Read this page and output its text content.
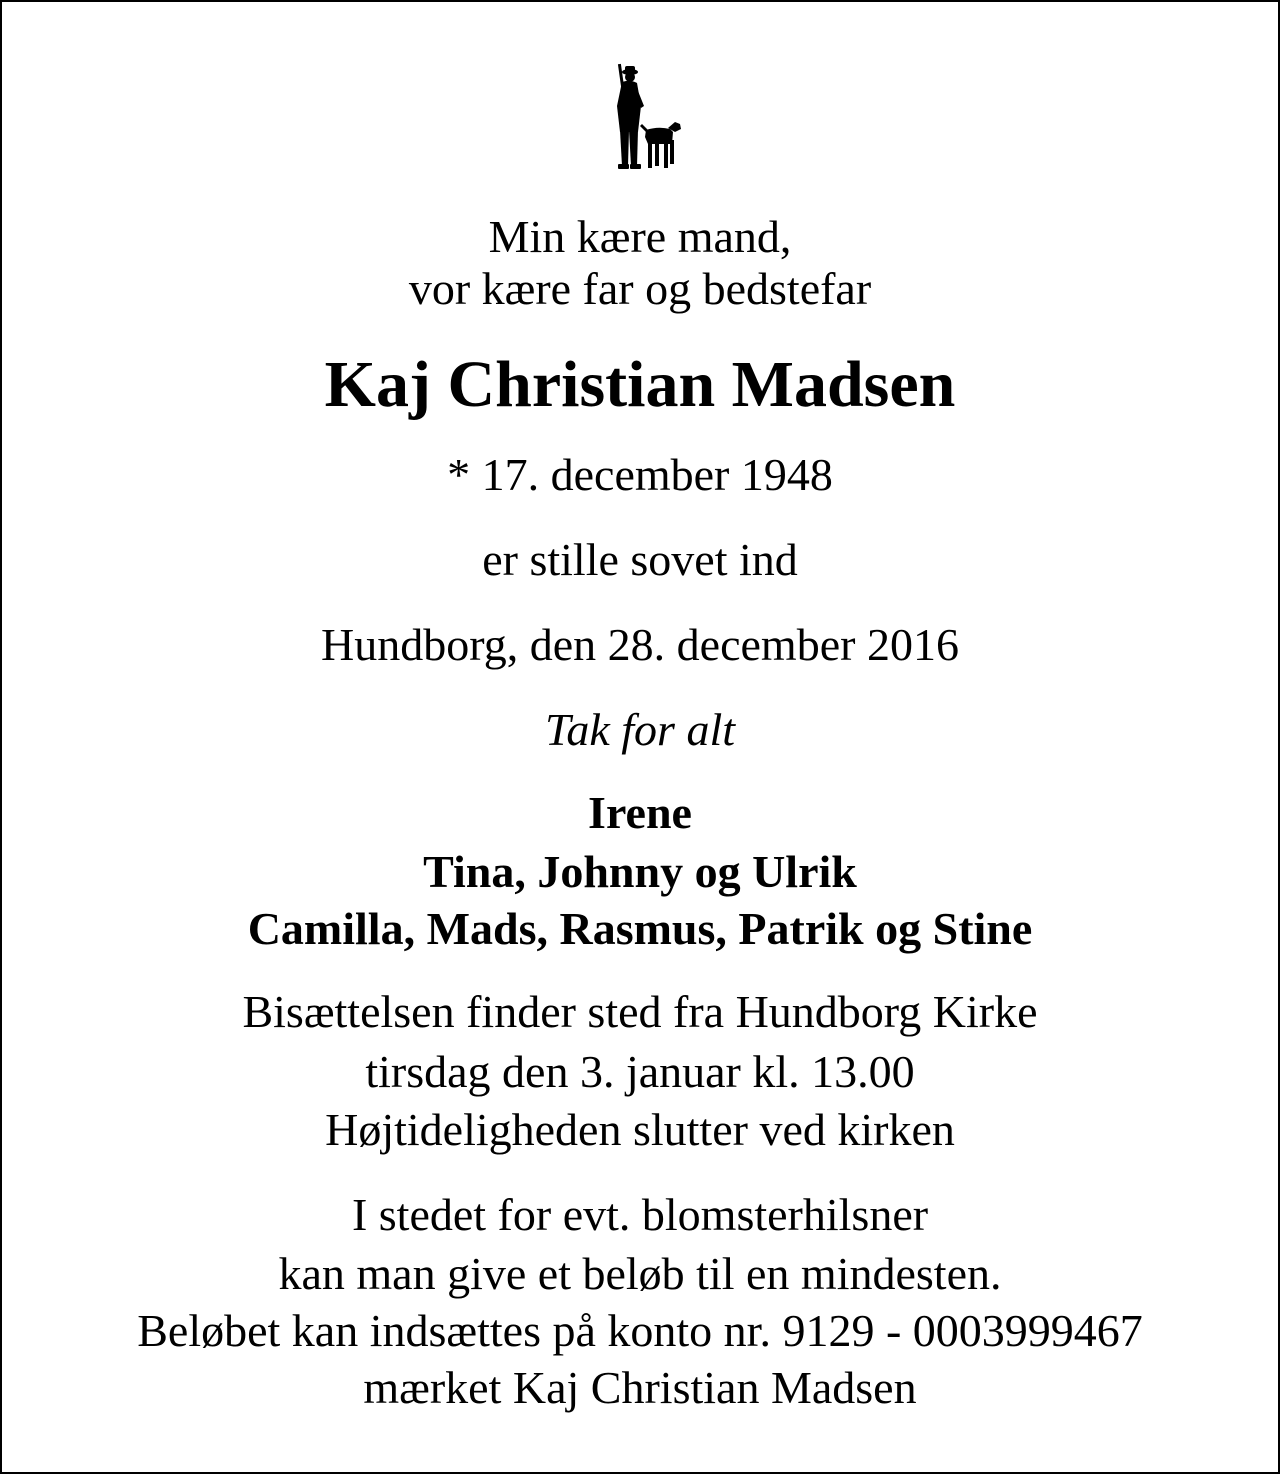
Min kære mand,
vor kære far og bedstefar
Kaj Christian Madsen
* 17. december 1948
er stille sovet ind
Hundborg, den 28. december 2016
Tak for alt
Irene
Tina, Johnny og Ulrik
Camilla, Mads, Rasmus, Patrik og Stine
Bisættelsen finder sted fra Hundborg Kirke
tirsdag den 3. januar kl. 13.00
Højtideligheden slutter ved kirken
I stedet for evt. blomsterhilsner
kan man give et beløb til en mindesten.
Beløbet kan indsættes på konto nr. 9129 - 0003999467
mærket Kaj Christian Madsen
